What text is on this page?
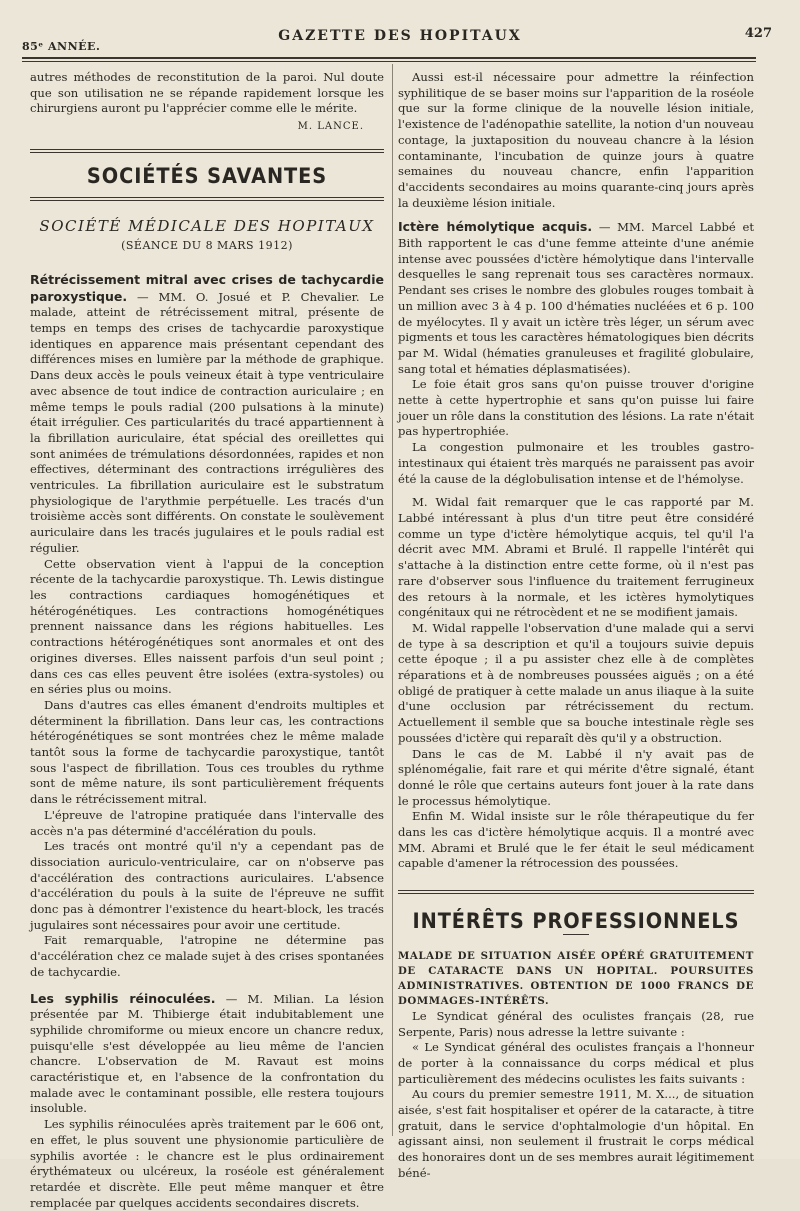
85ᵉ ANNÉE.
GAZETTE DES HOPITAUX	427

autres méthodes de reconstitution de la paroi. Nul doute que son utilisation ne se répande rapidement lorsque les chirurgiens auront pu l'apprécier comme elle le mérite.

M. LANCE.
SOCIÉTÉS SAVANTES
SOCIÉTÉ MÉDICALE DES HOPITAUX
(SÉANCE DU 8 MARS 1912)

Rétrécissement mitral avec crises de tachycardie paroxystique. — MM. O. Josué et P. Chevalier. Le malade, atteint de rétrécissement mitral, présente de temps en temps des crises de tachycardie paroxystique identiques en apparence mais présentant cependant des différences mises en lumière par la méthode de graphique. Dans deux accès le pouls veineux était à type ventriculaire avec absence de tout indice de contraction auriculaire ; en même temps le pouls radial (200 pulsations à la minute) était irrégulier. Ces particularités du tracé appartiennent à la fibrillation auriculaire, état spécial des oreillettes qui sont animées de trémulations désordonnées, rapides et non effectives, déterminant des contractions irrégulières des ventricules. La fibrillation auriculaire est le substratum physiologique de l'arythmie perpétuelle. Les tracés d'un troisième accès sont différents. On constate le soulèvement auriculaire dans les tracés jugulaires et le pouls radial est régulier.

Cette observation vient à l'appui de la conception récente de la tachycardie paroxystique. Th. Lewis distingue les contractions cardiaques homogénétiques et hétérogénétiques. Les contractions homogénétiques prennent naissance dans les régions habituelles. Les contractions hétérogénétiques sont anormales et ont des origines diverses. Elles naissent parfois d'un seul point ; dans ces cas elles peuvent être isolées (extra-systoles) ou en séries plus ou moins.

Dans d'autres cas elles émanent d'endroits multiples et déterminent la fibrillation. Dans leur cas, les contractions hétérogénétiques se sont montrées chez le même malade tantôt sous la forme de tachycardie paroxystique, tantôt sous l'aspect de fibrillation. Tous ces troubles du rythme sont de même nature, ils sont particulièrement fréquents dans le rétrécissement mitral.

L'épreuve de l'atropine pratiquée dans l'intervalle des accès n'a pas déterminé d'accélération du pouls.

Les tracés ont montré qu'il n'y a cependant pas de dissociation auriculo-ventriculaire, car on n'observe pas d'accélération des contractions auriculaires. L'absence d'accélération du pouls à la suite de l'épreuve ne suffit donc pas à démontrer l'existence du heart-block, les tracés jugulaires sont nécessaires pour avoir une certitude.

Fait remarquable, l'atropine ne détermine pas d'accélération chez ce malade sujet à des crises spontanées de tachycardie.

Les syphilis réinoculées. — M. Milian. La lésion présentée par M. Thibierge était indubitablement une syphilide chromiforme ou mieux encore un chancre redux, puisqu'elle s'est développée au lieu même de l'ancien chancre. L'observation de M. Ravaut est moins caractéristique et, en l'absence de la confrontation du malade avec le contaminant possible, elle restera toujours insoluble.

Les syphilis réinoculées après traitement par le 606 ont, en effet, le plus souvent une physionomie particulière de syphilis avortée : le chancre est le plus ordinairement érythémateux ou ulcéreux, la roséole est généralement retardée et discrète. Elle peut même manquer et être remplacée par quelques accidents secondaires discrets.

Aussi est-il nécessaire pour admettre la réinfection syphilitique de se baser moins sur l'apparition de la roséole que sur la forme clinique de la nouvelle lésion initiale, l'existence de l'adénopathie satellite, la notion d'un nouveau contage, la juxtaposition du nouveau chancre à la lésion contaminante, l'incubation de quinze jours à quatre semaines du nouveau chancre, enfin l'apparition d'accidents secondaires au moins quarante-cinq jours après la deuxième lésion initiale.

Ictère hémolytique acquis. — MM. Marcel Labbé et Bith rapportent le cas d'une femme atteinte d'une anémie intense avec poussées d'ictère hémolytique dans l'intervalle desquelles le sang reprenait tous ses caractères normaux. Pendant ses crises le nombre des globules rouges tombait à un million avec 3 à 4 p. 100 d'hématies nucléées et 6 p. 100 de myélocytes. Il y avait un ictère très léger, un sérum avec pigments et tous les caractères hématologiques bien décrits par M. Widal (hématies granuleuses et fragilité globulaire, sang total et hématies déplasmatisées).

Le foie était gros sans qu'on puisse trouver d'origine nette à cette hypertrophie et sans qu'on puisse lui faire jouer un rôle dans la constitution des lésions. La rate n'était pas hypertrophiée.

La congestion pulmonaire et les troubles gastro-intestinaux qui étaient très marqués ne paraissent pas avoir été la cause de la déglobulisation intense et de l'hémolyse.

M. Widal fait remarquer que le cas rapporté par M. Labbé intéressant à plus d'un titre peut être considéré comme un type d'ictère hémolytique acquis, tel qu'il l'a décrit avec MM. Abrami et Brulé. Il rappelle l'intérêt qui s'attache à la distinction entre cette forme, où il n'est pas rare d'observer sous l'influence du traitement ferrugineux des retours à la normale, et les ictères hymolytiques congénitaux qui ne rétrocèdent et ne se modifient jamais.

M. Widal rappelle l'observation d'une malade qui a servi de type à sa description et qu'il a toujours suivie depuis cette époque ; il a pu assister chez elle à de complètes réparations et à de nombreuses poussées aiguës ; on a été obligé de pratiquer à cette malade un anus iliaque à la suite d'une occlusion par rétrécissement du rectum. Actuellement il semble que sa bouche intestinale règle ses poussées d'ictère qui reparaît dès qu'il y a obstruction.

Dans le cas de M. Labbé il n'y avait pas de splénomégalie, fait rare et qui mérite d'être signalé, étant donné le rôle que certains auteurs font jouer à la rate dans le processus hémolytique.

Enfin M. Widal insiste sur le rôle thérapeutique du fer dans les cas d'ictère hémolytique acquis. Il a montré avec MM. Abrami et Brulé que le fer était le seul médicament capable d'amener la rétrocession des poussées.

INTÉRÊTS PROFESSIONNELS

MALADE DE SITUATION AISÉE OPÉRÉ GRATUITEMENT DE CATARACTE DANS UN HOPITAL. POURSUITES ADMINISTRATIVES. OBTENTION DE 1000 FRANCS DE DOMMAGES-INTÉRÊTS.

Le Syndicat général des oculistes français (28, rue Serpente, Paris) nous adresse la lettre suivante :

« Le Syndicat général des oculistes français a l'honneur de porter à la connaissance du corps médical et plus particulièrement des médecins oculistes les faits suivants :

Au cours du premier semestre 1911, M. X..., de situation aisée, s'est fait hospitaliser et opérer de la cataracte, à titre gratuit, dans le service d'ophtalmologie d'un hôpital. En agissant ainsi, non seulement il frustrait le corps médical des honoraires dont un de ses membres aurait légitimement béné-
